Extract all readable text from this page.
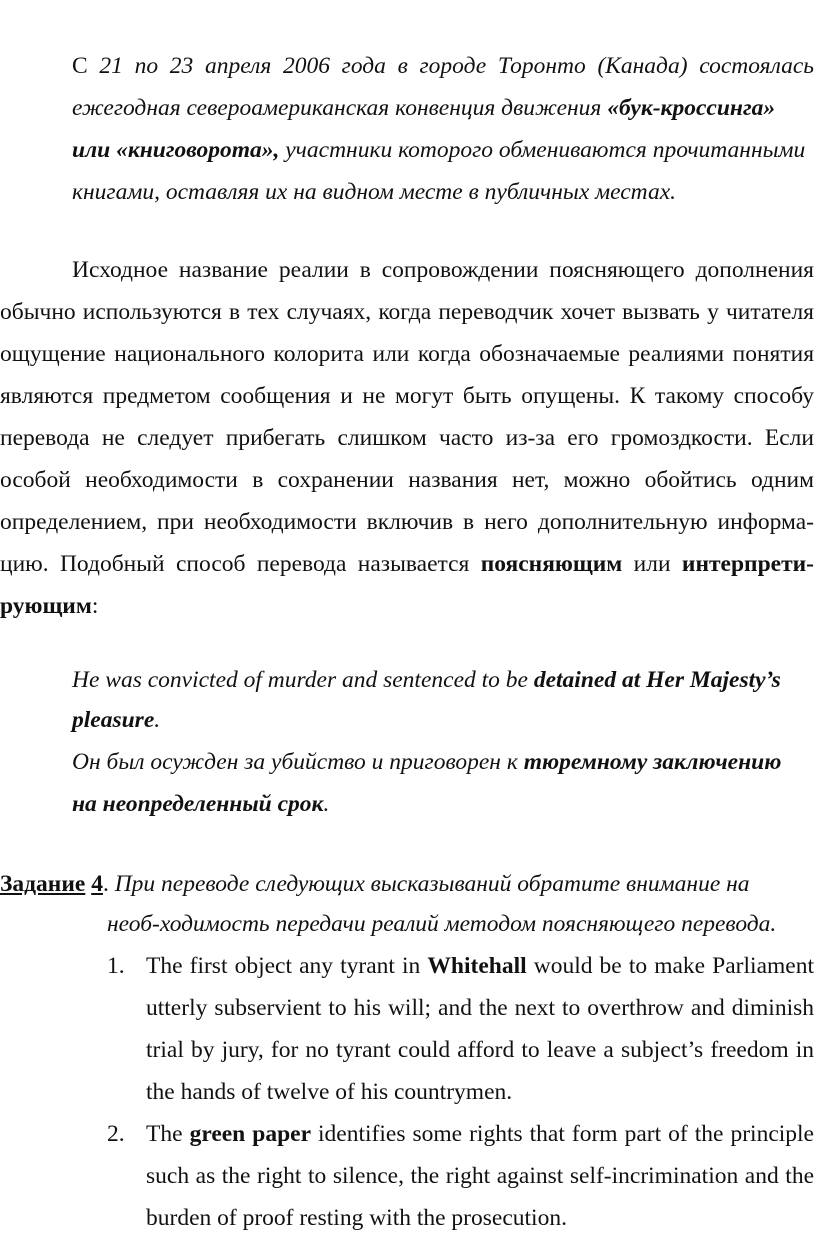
С 21 по 23 апреля 2006 года в городе Торонто (Канада) состоялась
ежегодная североамериканская конвенция движения «бук-кроссинга»
или «книговорота», участники которого обмениваются прочитанными
книгами, оставляя их на видном месте в публичных местах.
Исходное название реалии в сопровождении поясняющего дополнения
обычно используются в тех случаях, когда переводчик хочет вызвать у читателя
ощущение национального колорита или когда обозначаемые реалиями понятия
являются предметом сообщения и не могут быть опущены. К такому способу
перевода не следует прибегать слишком часто из-за его громоздкости. Если
особой необходимости в сохранении названия нет, можно обойтись одним
определением, при необходимости включив в него дополнительную информа-
цию. Подобный способ перевода называется поясняющим или интерпрети-
рующим:
He was convicted of murder and sentenced to be detained at Her Majesty’s
pleasure.
Он был осужден за убийство и приговорен к тюремному заключению
на неопределенный срок.
Задание 4. При переводе следующих высказываний обратите внимание на
необ-ходимость передачи реалий методом поясняющего перевода.
1. The first object any tyrant in Whitehall would be to make Parliament
utterly subservient to his will; and the next to overthrow and diminish
trial by jury, for no tyrant could afford to leave a subject’s freedom in
the hands of twelve of his countrymen.
2. The green paper identifies some rights that form part of the principle
such as the right to silence, the right against self-incrimination and the
burden of proof resting with the prosecution.
